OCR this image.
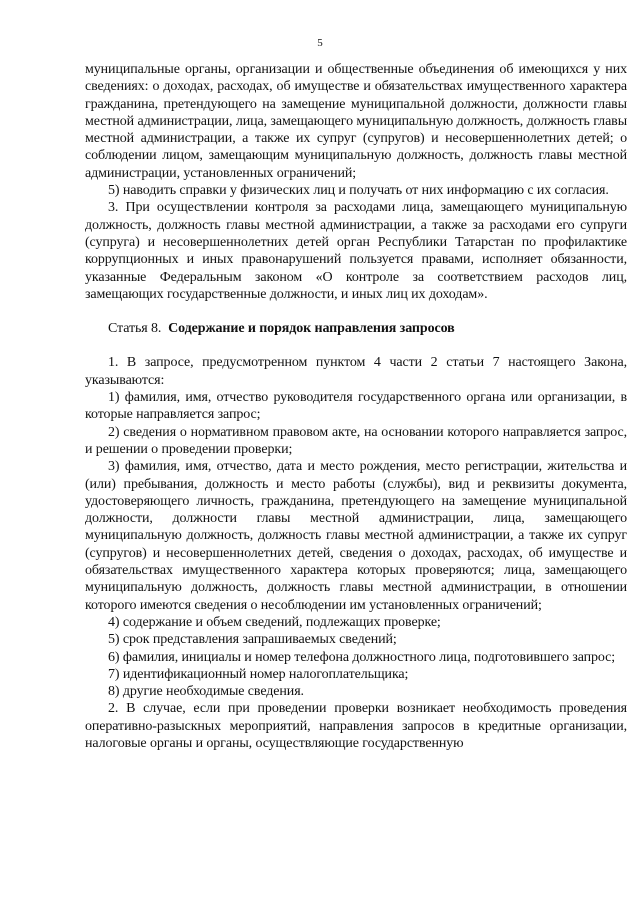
5

муниципальные органы, организации и общественные объединения об имеющихся у них сведениях: о доходах, расходах, об имуществе и обязательствах имущественного характера гражданина, претендующего на замещение муниципальной должности, должности главы местной администрации, лица, замещающего муниципальную должность, должность главы местной администрации, а также их супруг (супругов) и несовершеннолетних детей; о соблюдении лицом, замещающим муниципальную должность, должность главы местной администрации, установленных ограничений;

5) наводить справки у физических лиц и получать от них информацию с их согласия.

3. При осуществлении контроля за расходами лица, замещающего муниципальную должность, должность главы местной администрации, а также за расходами его супруги (супруга) и несовершеннолетних детей орган Республики Татарстан по профилактике коррупционных и иных правонарушений пользуется правами, исполняет обязанности, указанные Федеральным законом «О контроле за соответствием расходов лиц, замещающих государственные должности, и иных лиц их доходам».

Статья 8. Содержание и порядок направления запросов

1. В запросе, предусмотренном пунктом 4 части 2 статьи 7 настоящего Закона, указываются:

1) фамилия, имя, отчество руководителя государственного органа или организации, в которые направляется запрос;

2) сведения о нормативном правовом акте, на основании которого направляется запрос, и решении о проведении проверки;

3) фамилия, имя, отчество, дата и место рождения, место регистрации, жительства и (или) пребывания, должность и место работы (службы), вид и реквизиты документа, удостоверяющего личность, гражданина, претендующего на замещение муниципальной должности, должности главы местной администрации, лица, замещающего муниципальную должность, должность главы местной администрации, а также их супруг (супругов) и несовершеннолетних детей, сведения о доходах, расходах, об имуществе и обязательствах имущественного характера которых проверяются; лица, замещающего муниципальную должность, должность главы местной администрации, в отношении которого имеются сведения о несоблюдении им установленных ограничений;

4) содержание и объем сведений, подлежащих проверке;

5) срок представления запрашиваемых сведений;

6) фамилия, инициалы и номер телефона должностного лица, подготовившего запрос;

7) идентификационный номер налогоплательщика;

8) другие необходимые сведения.

2. В случае, если при проведении проверки возникает необходимость проведения оперативно-разыскных мероприятий, направления запросов в кредитные организации, налоговые органы и органы, осуществляющие государственную
